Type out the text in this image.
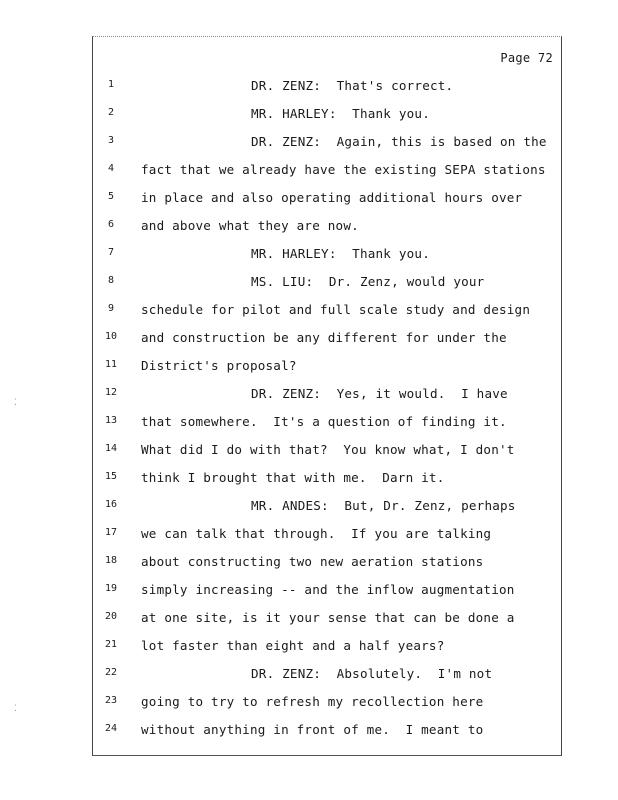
Page 72
1	DR. ZENZ:  That's correct.
2	MR. HARLEY:  Thank you.
3	DR. ZENZ:  Again, this is based on the
4	fact that we already have the existing SEPA stations
5	in place and also operating additional hours over
6	and above what they are now.
7	MR. HARLEY:  Thank you.
8	MS. LIU:  Dr. Zenz, would your
9	schedule for pilot and full scale study and design
10	and construction be any different for under the
11	District's proposal?
12	DR. ZENZ:  Yes, it would.  I have
13	that somewhere.  It's a question of finding it.
14	What did I do with that?  You know what, I don't
15	think I brought that with me.  Darn it.
16	MR. ANDES:  But, Dr. Zenz, perhaps
17	we can talk that through.  If you are talking
18	about constructing two new aeration stations
19	simply increasing -- and the inflow augmentation
20	at one site, is it your sense that can be done a
21	lot faster than eight and a half years?
22	DR. ZENZ:  Absolutely.  I'm not
23	going to try to refresh my recollection here
24	without anything in front of me.  I meant to
⁚
⁚
